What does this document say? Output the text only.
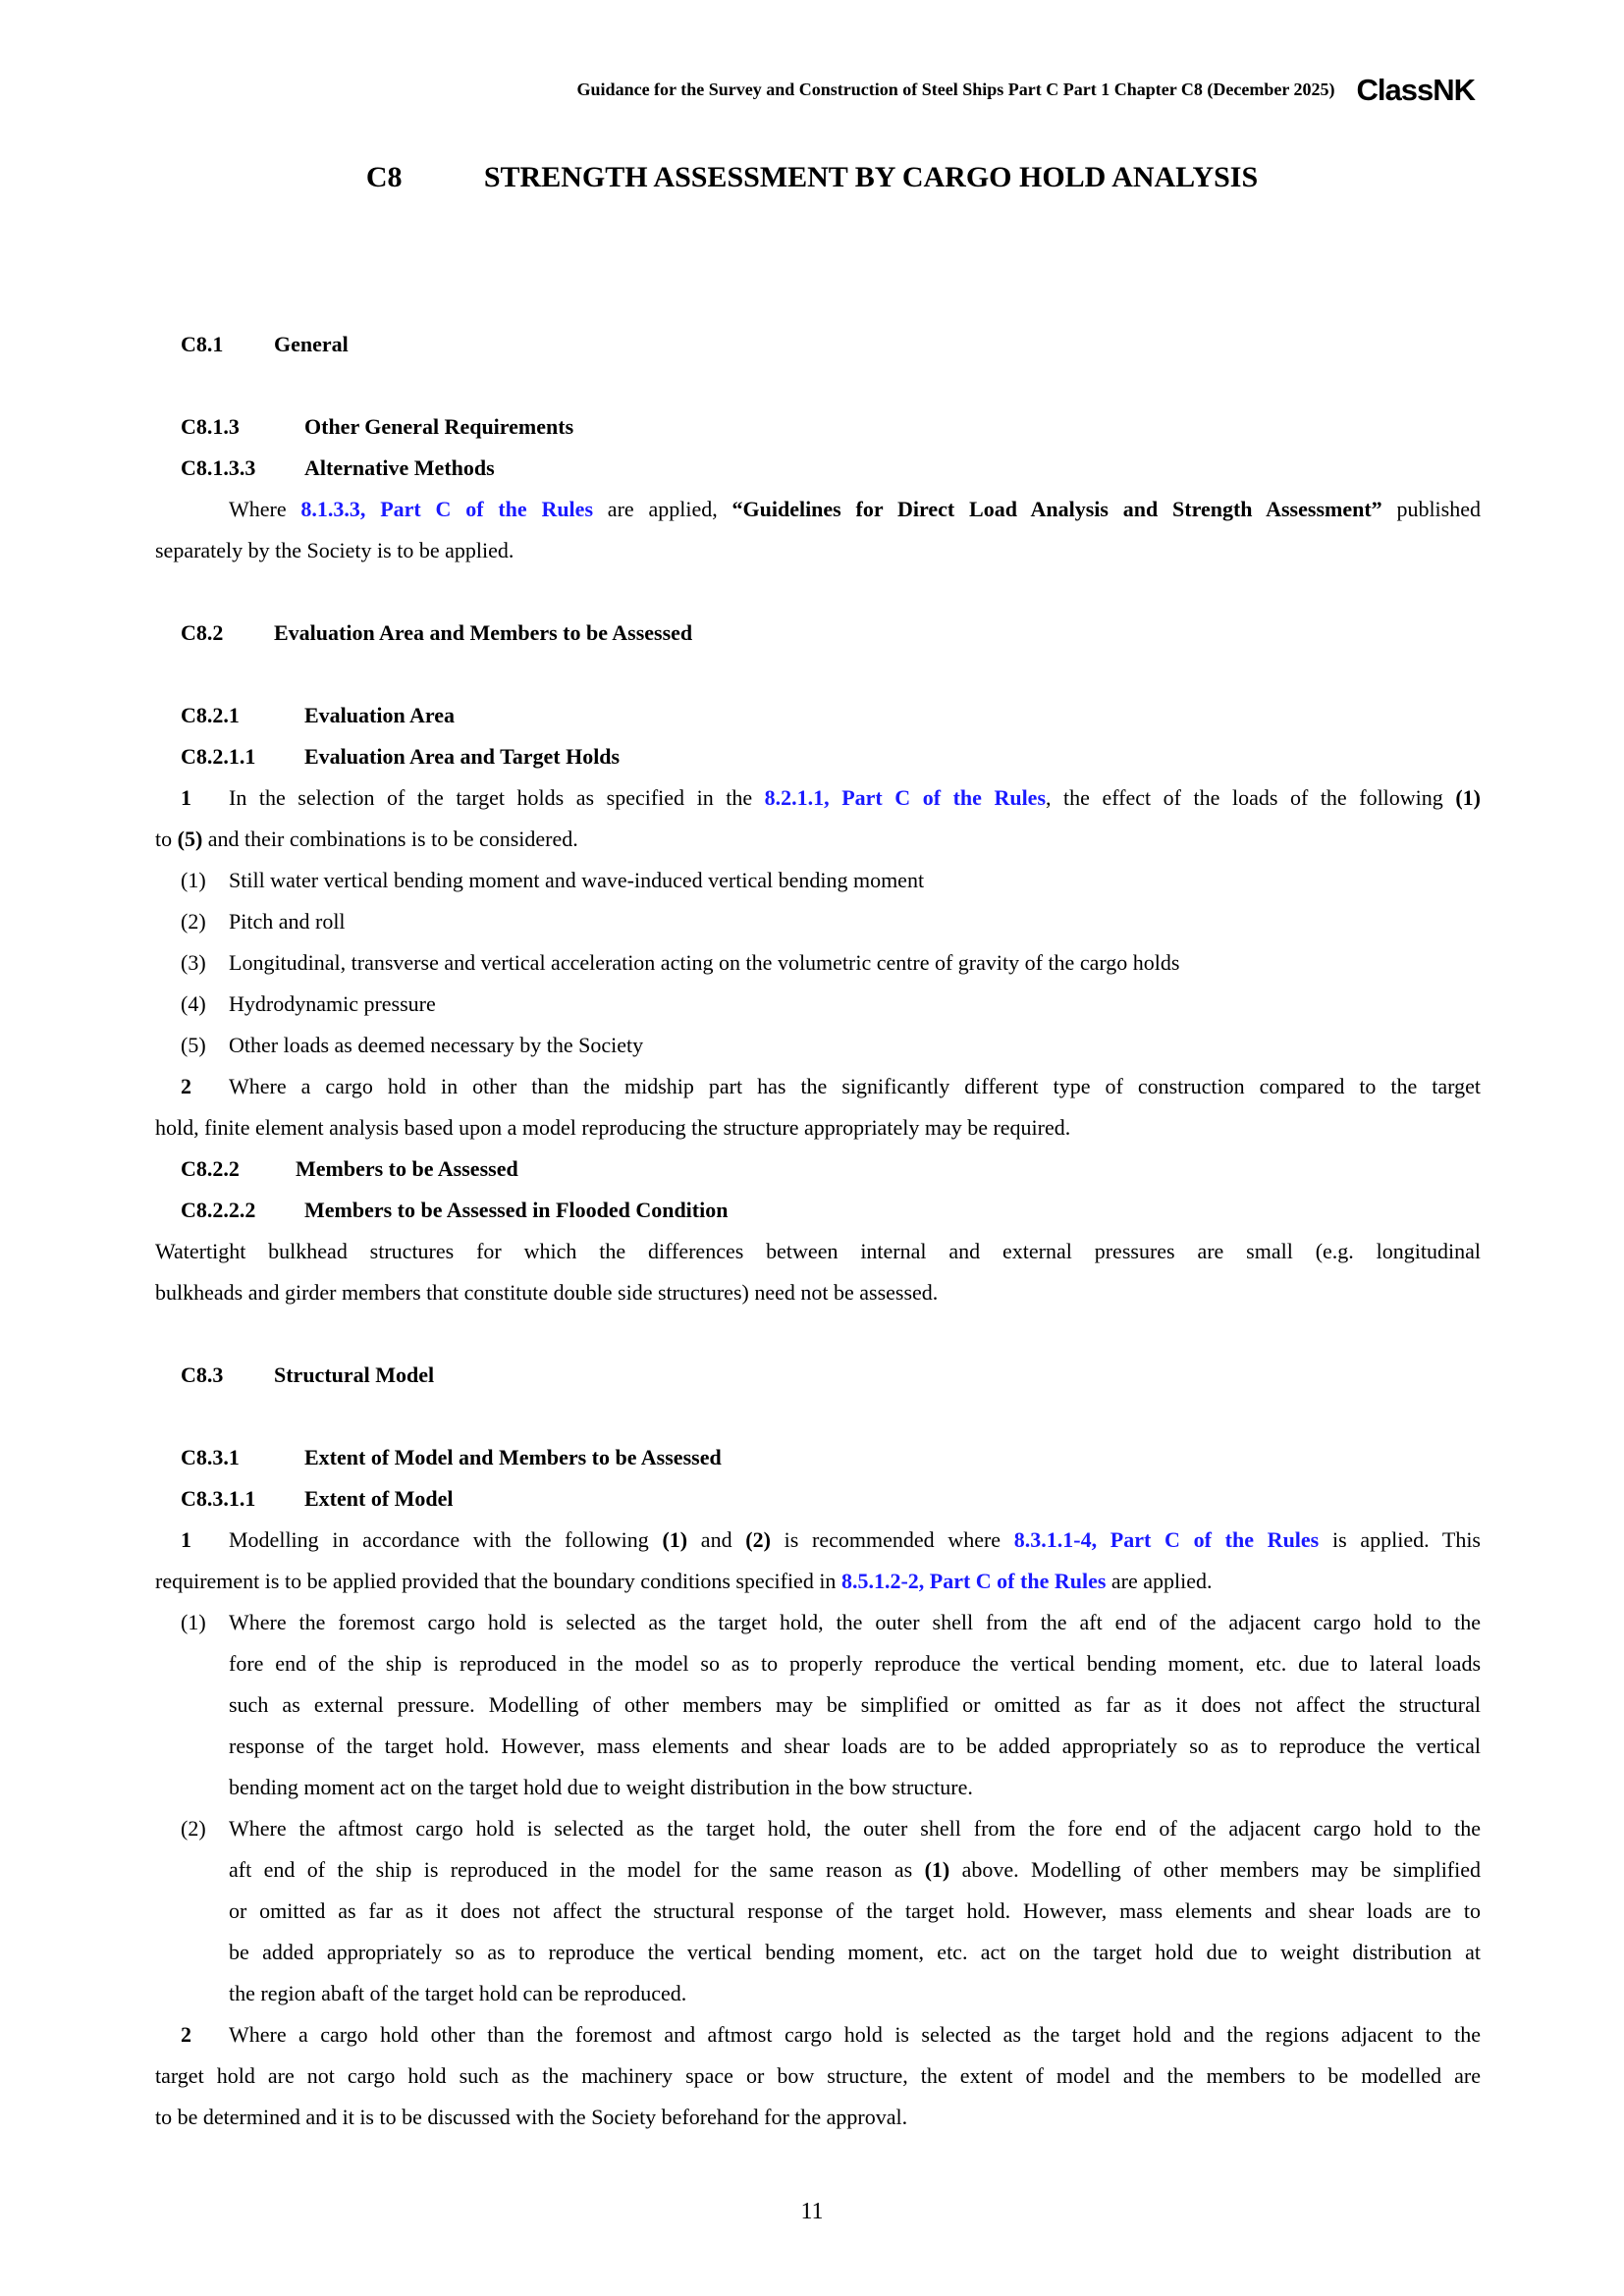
Guidance for the Survey and Construction of Steel Ships Part C Part 1 Chapter C8 (December 2025) ClassNK
C8	STRENGTH ASSESSMENT BY CARGO HOLD ANALYSIS
C8.1 General
C8.1.3	Other General Requirements
C8.1.3.3 Alternative Methods
Where 8.1.3.3, Part C of the Rules are applied, “Guidelines for Direct Load Analysis and Strength Assessment” published
separately by the Society is to be applied.
C8.2 Evaluation Area and Members to be Assessed
C8.2.1	Evaluation Area
C8.2.1.1 Evaluation Area and Target Holds
1 In the selection of the target holds as specified in the 8.2.1.1, Part C of the Rules, the effect of the loads of the following (1)
to (5) and their combinations is to be considered.
(1) Still water vertical bending moment and wave-induced vertical bending moment
(2) Pitch and roll
(3) Longitudinal, transverse and vertical acceleration acting on the volumetric centre of gravity of the cargo holds
(4) Hydrodynamic pressure
(5) Other loads as deemed necessary by the Society
2 Where a cargo hold in other than the midship part has the significantly different type of construction compared to the target
hold, finite element analysis based upon a model reproducing the structure appropriately may be required.
C8.2.2	Members to be Assessed
C8.2.2.2 Members to be Assessed in Flooded Condition
Watertight bulkhead structures for which the differences between internal and external pressures are small (e.g. longitudinal
bulkheads and girder members that constitute double side structures) need not be assessed.
C8.3 Structural Model
C8.3.1	Extent of Model and Members to be Assessed
C8.3.1.1 Extent of Model
1 Modelling in accordance with the following (1) and (2) is recommended where 8.3.1.1-4, Part C of the Rules is applied. This
requirement is to be applied provided that the boundary conditions specified in 8.5.1.2-2, Part C of the Rules are applied.
(1) Where the foremost cargo hold is selected as the target hold, the outer shell from the aft end of the adjacent cargo hold to the
fore end of the ship is reproduced in the model so as to properly reproduce the vertical bending moment, etc. due to lateral loads
such as external pressure. Modelling of other members may be simplified or omitted as far as it does not affect the structural
response of the target hold. However, mass elements and shear loads are to be added appropriately so as to reproduce the vertical
bending moment act on the target hold due to weight distribution in the bow structure.
(2) Where the aftmost cargo hold is selected as the target hold, the outer shell from the fore end of the adjacent cargo hold to the
aft end of the ship is reproduced in the model for the same reason as (1) above. Modelling of other members may be simplified
or omitted as far as it does not affect the structural response of the target hold. However, mass elements and shear loads are to
be added appropriately so as to reproduce the vertical bending moment, etc. act on the target hold due to weight distribution at
the region abaft of the target hold can be reproduced.
2 Where a cargo hold other than the foremost and aftmost cargo hold is selected as the target hold and the regions adjacent to the
target hold are not cargo hold such as the machinery space or bow structure, the extent of model and the members to be modelled are
to be determined and it is to be discussed with the Society beforehand for the approval.
11
